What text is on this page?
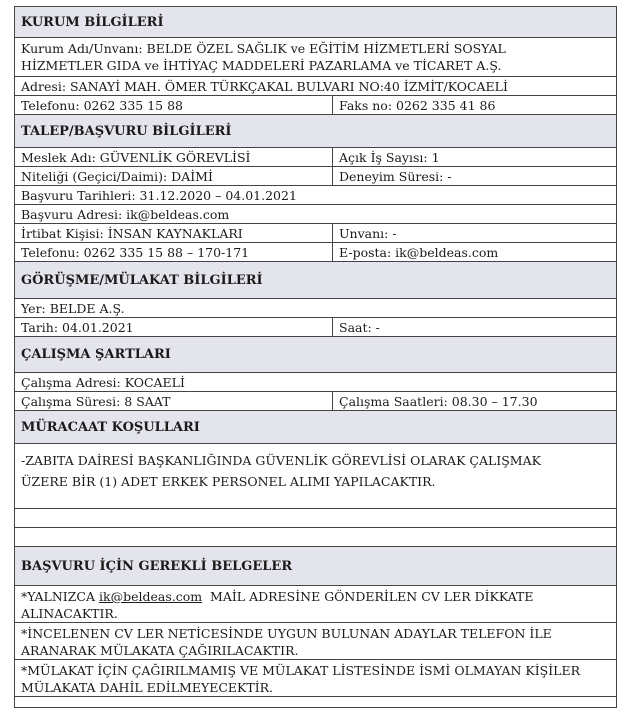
KURUM BİLGİLERİ
Kurum Adı/Unvanı: BELDE ÖZEL SAĞLIK ve EĞİTİM HİZMETLERİ SOSYAL
HİZMETLER GIDA ve İHTİYAÇ MADDELERİ PAZARLAMA ve TİCARET A.Ş.
Adresi: SANAYİ MAH. ÖMER TÜRKÇAKAL BULVARI NO:40 İZMİT/KOCAELİ
Telefonu: 0262 335 15 88	Faks no: 0262 335 41 86
TALEP/BAŞVURU BİLGİLERİ
Meslek Adı: GÜVENLİK GÖREVLİSİ	Açık İş Sayısı: 1
Niteliği (Geçici/Daimi): DAİMİ	Deneyim Süresi: -
Başvuru Tarihleri: 31.12.2020 – 04.01.2021
Başvuru Adresi: ik@beldeas.com
İrtibat Kişisi: İNSAN KAYNAKLARI	Unvanı: -
Telefonu: 0262 335 15 88 – 170-171	E-posta: ik@beldeas.com
GÖRÜŞME/MÜLAKAT BİLGİLERİ
Yer: BELDE A.Ş.
Tarih: 04.01.2021	Saat: -
ÇALIŞMA ŞARTLARI
Çalışma Adresi: KOCAELİ
Çalışma Süresi: 8 SAAT	Çalışma Saatleri: 08.30 – 17.30
MÜRACAAT KOŞULLARI
-ZABITA DAİRESİ BAŞKANLIĞINDA GÜVENLİK GÖREVLİSİ OLARAK ÇALIŞMAK
ÜZERE BİR (1) ADET ERKEK PERSONEL ALIMI YAPILACAKTIR.
BAŞVURU İÇİN GEREKLİ BELGELER
*YALNIZCA ik@beldeas.com  MAİL ADRESİNE GÖNDERİLEN CV LER DİKKATE
ALINACAKTIR.
*İNCELENEN CV LER NETİCESİNDE UYGUN BULUNAN ADAYLAR TELEFON İLE
ARANARAK MÜLAKATA ÇAĞIRILACAKTIR.
*MÜLAKAT İÇİN ÇAĞIRILMAMIŞ VE MÜLAKAT LİSTESİNDE İSMİ OLMAYAN KİŞİLER
MÜLAKATA DAHİL EDİLMEYECEKTİR.
